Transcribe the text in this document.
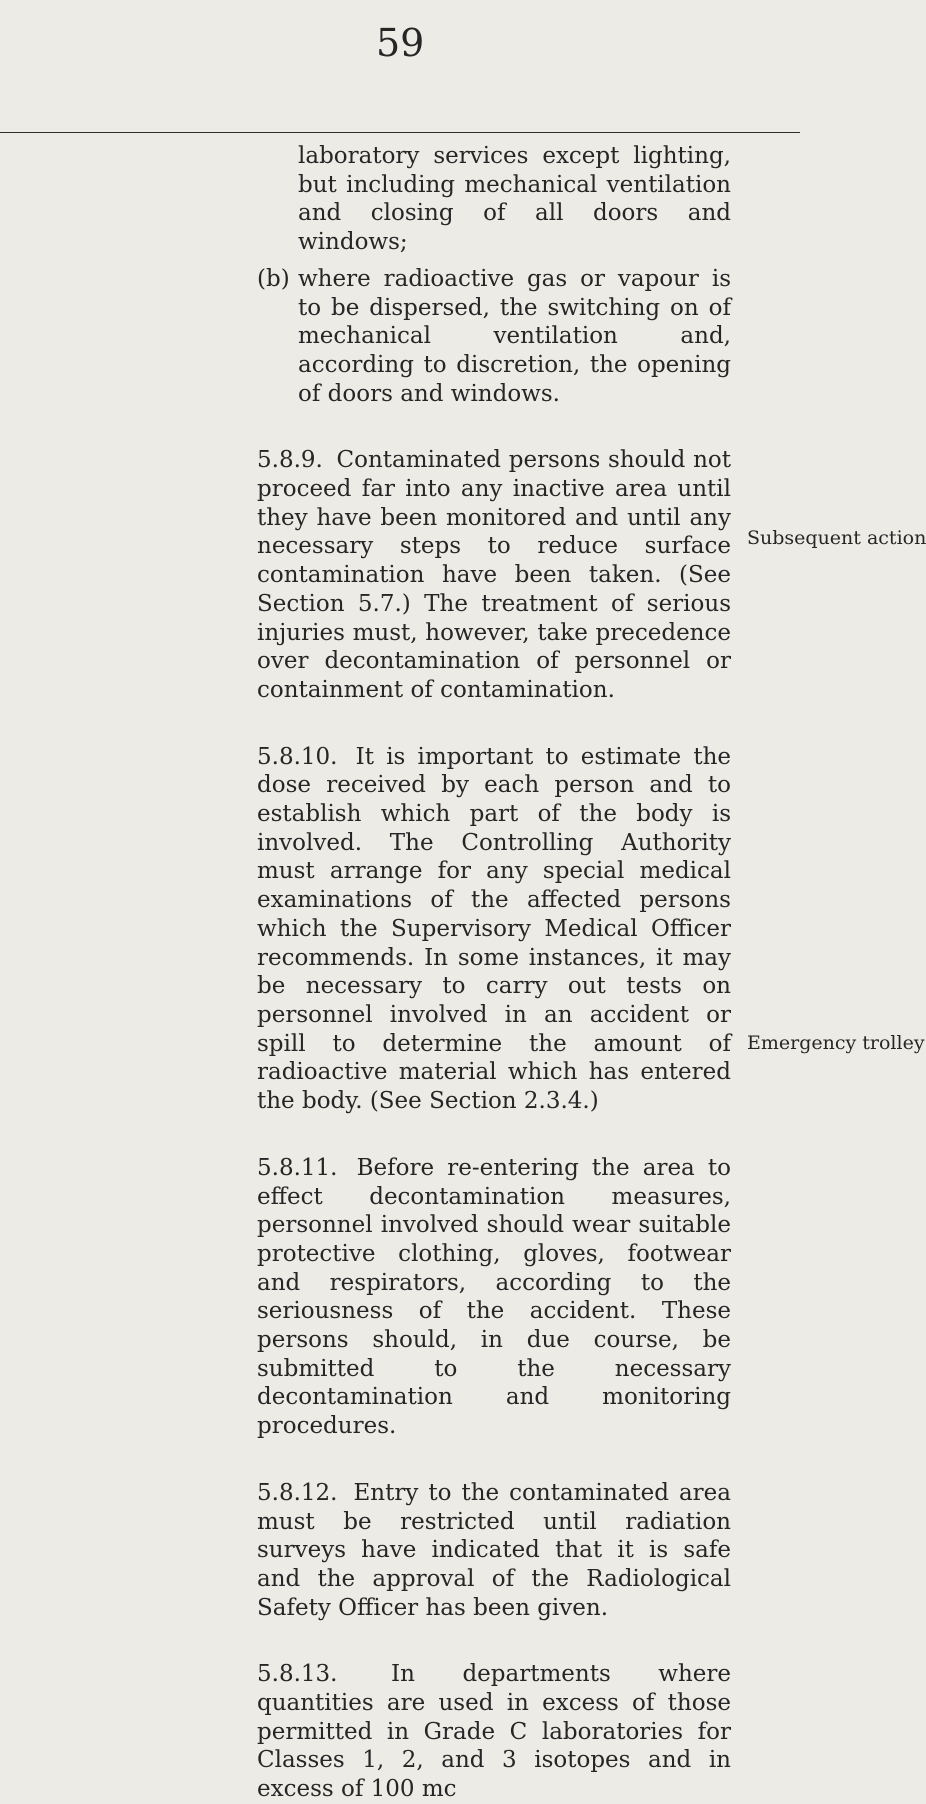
59

laboratory services except lighting, but including mechanical ventilation and closing of all doors and windows;

(b) where radioactive gas or vapour is to be dispersed, the switching on of mechanical ventilation and, according to discretion, the opening of doors and windows.

5.8.9. Contaminated persons should not proceed far into any inactive area until they have been monitored and until any necessary steps to reduce surface contamination have been taken. (See Section 5.7.) The treatment of serious injuries must, however, take precedence over decontamination of personnel or containment of contamination.

5.8.10. It is important to estimate the dose received by each person and to establish which part of the body is involved. The Controlling Authority must arrange for any special medical examinations of the affected persons which the Supervisory Medical Officer recommends. In some instances, it may be necessary to carry out tests on personnel involved in an accident or spill to determine the amount of radioactive material which has entered the body. (See Section 2.3.4.)

5.8.11. Before re-entering the area to effect decontamination measures, personnel involved should wear suitable protective clothing, gloves, footwear and respirators, according to the seriousness of the accident. These persons should, in due course, be submitted to the necessary decontamination and monitoring procedures.

5.8.12. Entry to the contaminated area must be restricted until radiation surveys have indicated that it is safe and the approval of the Radiological Safety Officer has been given.

5.8.13. In departments where quantities are used in excess of those permitted in Grade C laboratories for Classes 1, 2, and 3 isotopes and in excess of 100 mc

Subsequent action
Emergency trolley
